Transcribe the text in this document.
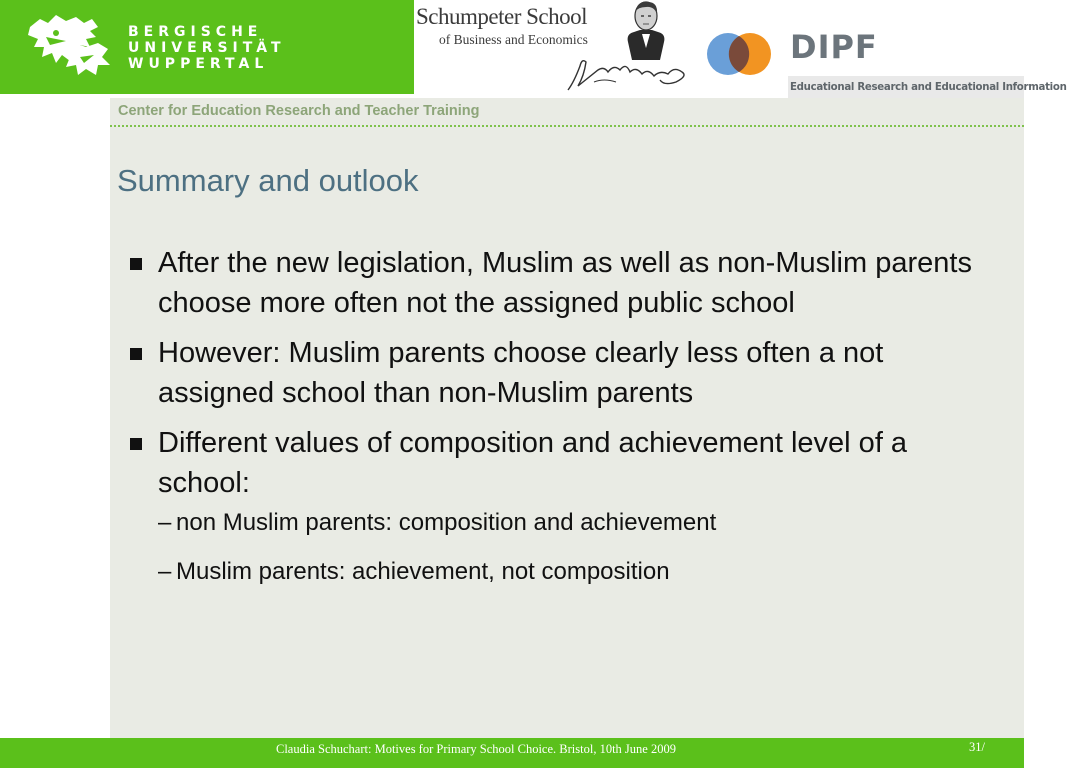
BERGISCHE
UNIVERSITÄT
WUPPERTAL
Schumpeter School
of Business and Economics	DIPF
Educational Research and Educational Information
Center for Education Research and Teacher Training
Summary and outlook
After the new legislation, Muslim as well as non-Muslim parents choose more often not the assigned public school
However: Muslim parents choose clearly less often a not assigned school than non-Muslim parents
Different values of composition and achievement level of a school:
– non Muslim parents: composition and achievement
– Muslim parents: achievement, not composition
Claudia Schuchart: Motives for Primary School Choice. Bristol, 10th June 2009	31/
